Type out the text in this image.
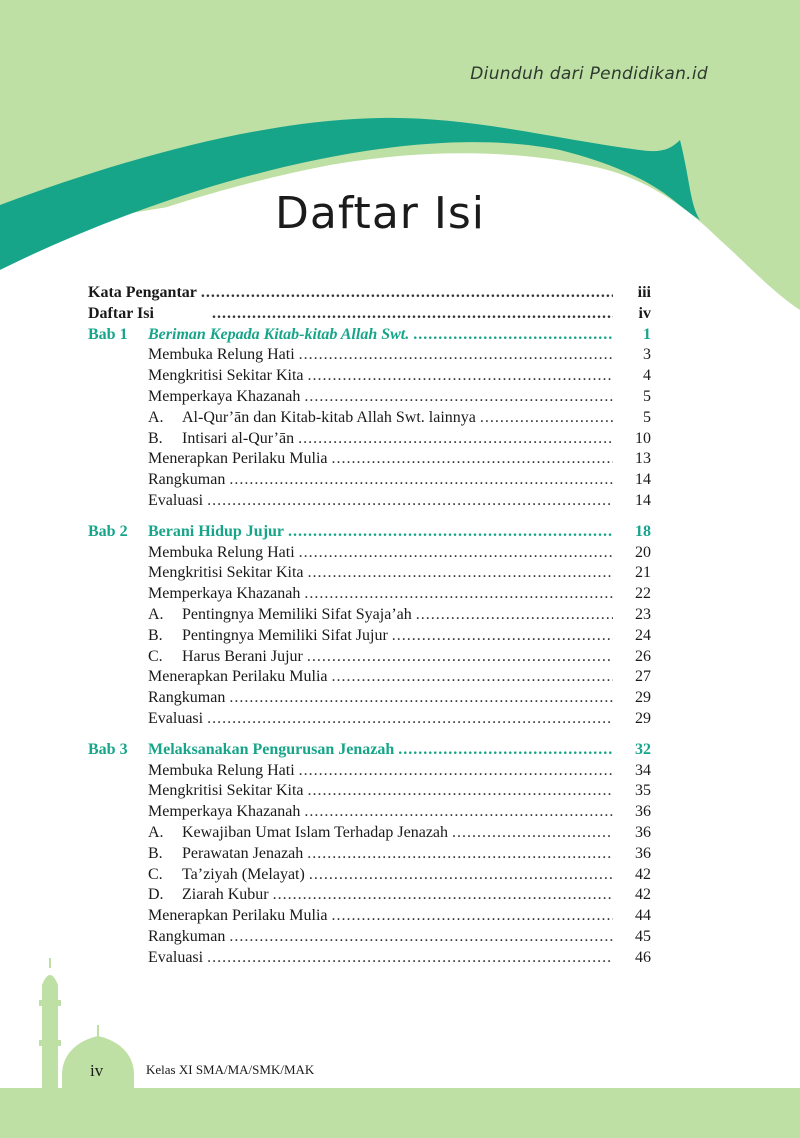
Diunduh dari Pendidikan.id
Daftar Isi
Kata Pengantar .....	iii
Daftar Isi .....	iv
Bab 1	Beriman Kepada Kitab-kitab Allah Swt. .....	1
Membuka Relung Hati .....	3
Mengkritisi Sekitar Kita .....	4
Memperkaya Khazanah .....	5
A.	Al-Qur’ān dan Kitab-kitab Allah Swt. lainnya .....	5
B.	Intisari al-Qur’ān .....	10
Menerapkan Perilaku Mulia .....	13
Rangkuman .....	14
Evaluasi .....	14
Bab 2	Berani Hidup Jujur .....	18
Membuka Relung Hati .....	20
Mengkritisi Sekitar Kita .....	21
Memperkaya Khazanah .....	22
A.	Pentingnya Memiliki Sifat Syaja’ah .....	23
B.	Pentingnya Memiliki Sifat Jujur .....	24
C.	Harus Berani Jujur .....	26
Menerapkan Perilaku Mulia .....	27
Rangkuman .....	29
Evaluasi .....	29
Bab 3	Melaksanakan Pengurusan Jenazah .....	32
Membuka Relung Hati .....	34
Mengkritisi Sekitar Kita .....	35
Memperkaya Khazanah .....	36
A.	Kewajiban Umat Islam Terhadap Jenazah .....	36
B.	Perawatan Jenazah .....	36
C.	Ta’ziyah (Melayat) .....	42
D.	Ziarah Kubur .....	42
Menerapkan Perilaku Mulia .....	44
Rangkuman .....	45
Evaluasi .....	46
iv	Kelas XI SMA/MA/SMK/MAK
